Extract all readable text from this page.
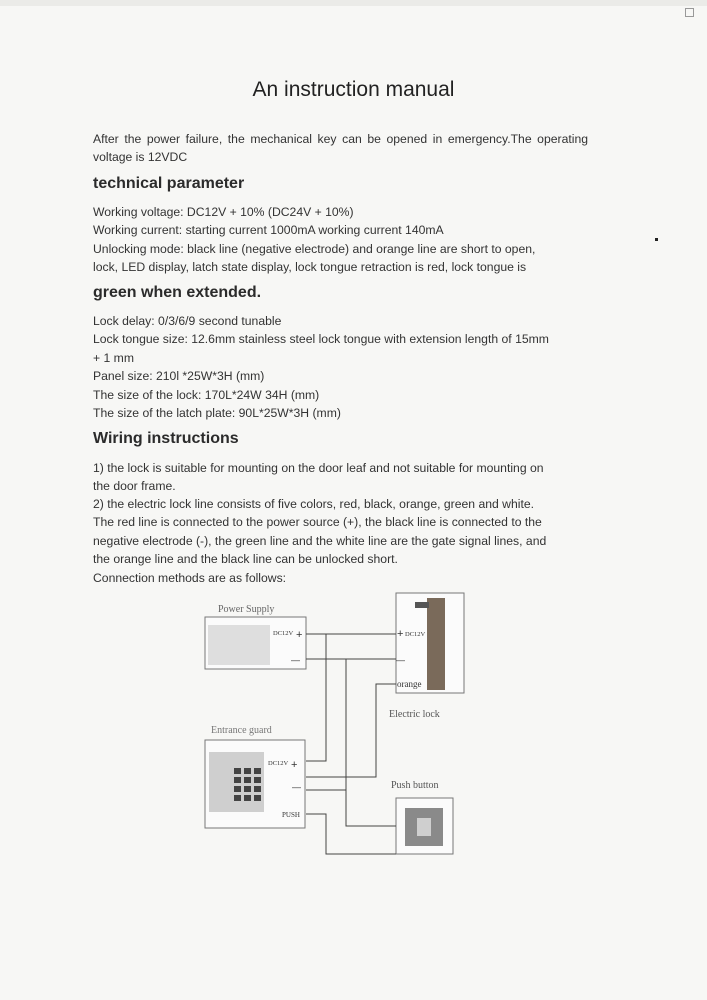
An instruction manual
After the power failure, the mechanical key can be opened in emergency.The operating voltage is 12VDC
technical parameter
Working voltage: DC12V + 10% (DC24V + 10%)
Working current: starting current 1000mA working current 140mA
Unlocking mode: black line (negative electrode) and orange line are short to open,
lock, LED display, latch state display, lock tongue retraction is red, lock tongue is
green when extended.
Lock delay: 0/3/6/9 second tunable
Lock tongue size: 12.6mm stainless steel lock tongue with extension length of 15mm
+ 1 mm
Panel size: 210l *25W*3H (mm)
The size of the lock: 170L*24W 34H (mm)
The size of the latch plate: 90L*25W*3H (mm)
Wiring instructions
1) the lock is suitable for mounting on the door leaf and not suitable for mounting on
the door frame.
2) the electric lock line consists of five colors, red, black, orange, green and white.
The red line is connected to the power source (+), the black line is connected to the
negative electrode (-), the green line and the white line are the gate signal lines, and
the orange line and the black line can be unlocked short.
Connection methods are as follows:
Power Supply
DC12V +
—
+ DC12V
—
orange
Electric lock
Entrance guard
DC12V +
—
PUSH
Push button
